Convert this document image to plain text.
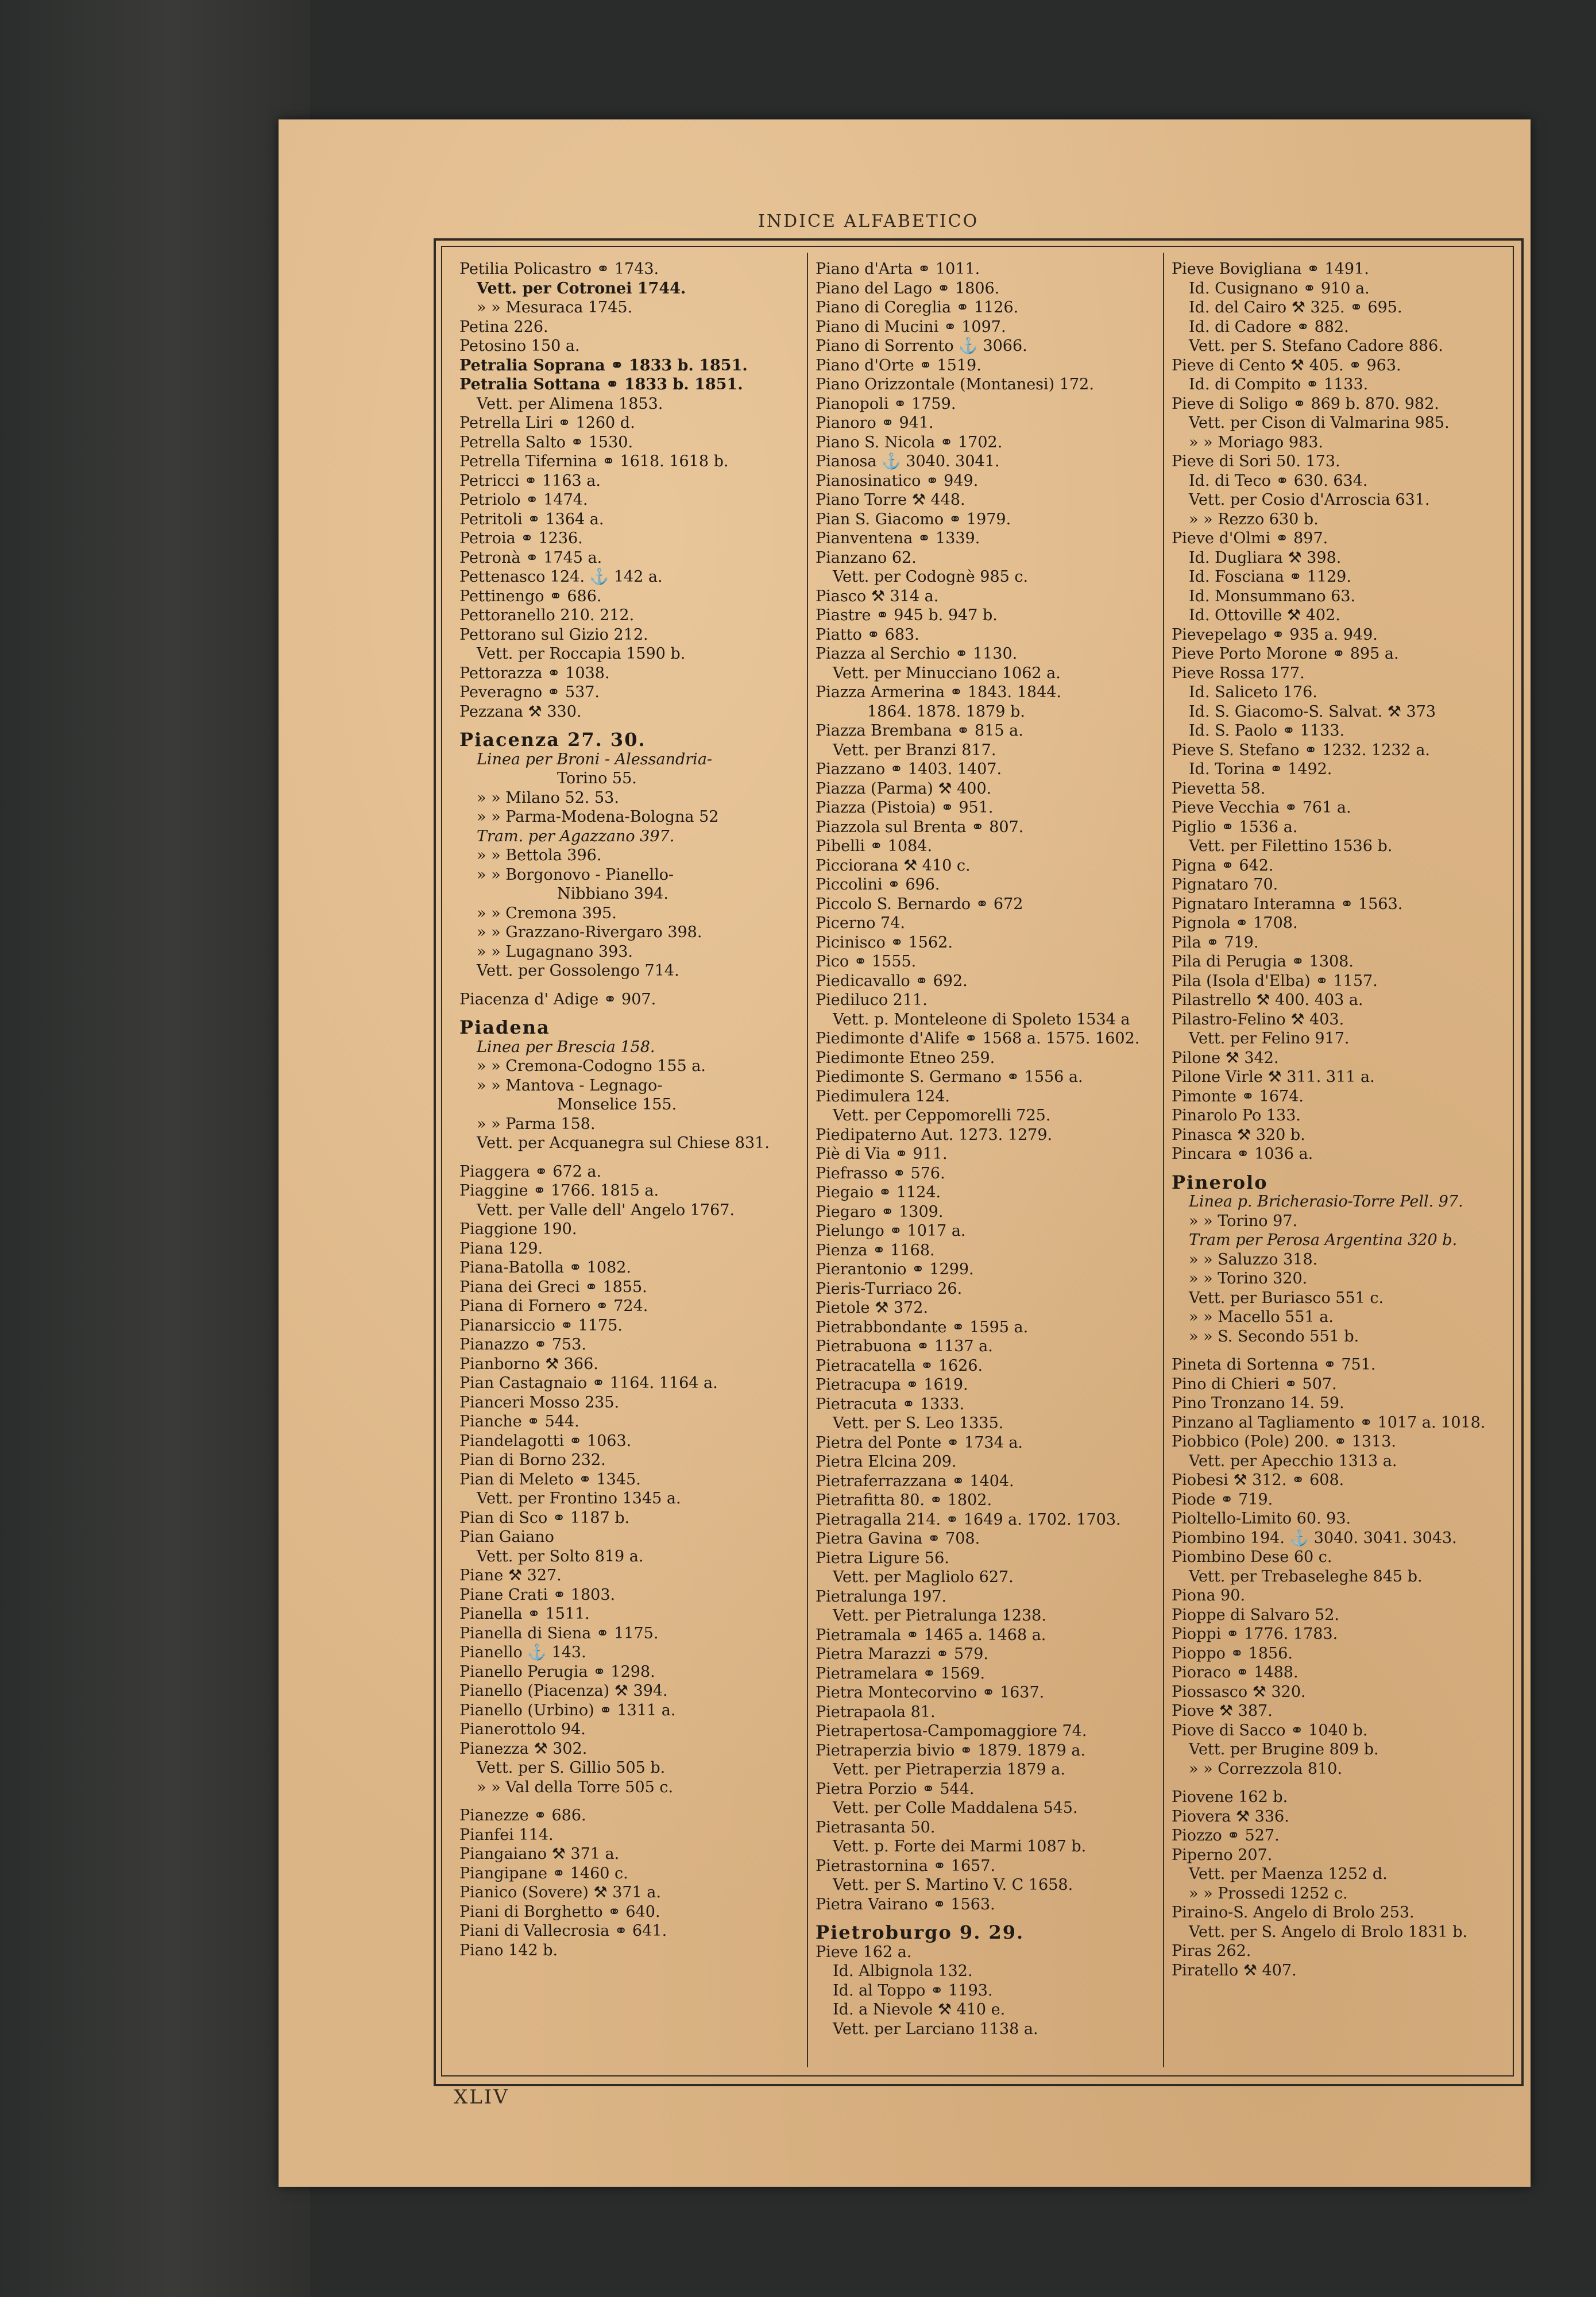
INDICE ALFABETICO
Petilia Policastro ⚭ 1743.
Vett. per Cotronei 1744.
» » Mesuraca 1745.
Petina 226.
Petosino 150 a.
Petralia Soprana ⚭ 1833 b. 1851.
Petralia Sottana ⚭ 1833 b. 1851.
Vett. per Alimena 1853.
Petrella Liri ⚭ 1260 d.
Petrella Salto ⚭ 1530.
Petrella Tifernina ⚭ 1618. 1618 b.
Petricci ⚭ 1163 a.
Petriolo ⚭ 1474.
Petritoli ⚭ 1364 a.
Petroia ⚭ 1236.
Petronà ⚭ 1745 a.
Pettenasco 124. ⚓ 142 a.
Pettinengo ⚭ 686.
Pettoranello 210. 212.
Pettorano sul Gizio 212.
Vett. per Roccapia 1590 b.
Pettorazza ⚭ 1038.
Peveragno ⚭ 537.
Pezzana ⚒ 330.
Piacenza 27. 30.
Linea per Broni - Alessandria-
Torino 55.
» » Milano 52. 53.
» » Parma-Modena-Bologna 52
Tram. per Agazzano 397.
» » Bettola 396.
» » Borgonovo - Pianello-
Nibbiano 394.
» » Cremona 395.
» » Grazzano-Rivergaro 398.
» » Lugagnano 393.
Vett. per Gossolengo 714.
Piacenza d' Adige ⚭ 907.
Piadena
Linea per Brescia 158.
» » Cremona-Codogno 155 a.
» » Mantova - Legnago-
Monselice 155.
» » Parma 158.
Vett. per Acquanegra sul Chiese 831.
Piaggera ⚭ 672 a.
Piaggine ⚭ 1766. 1815 a.
Vett. per Valle dell' Angelo 1767.
Piaggione 190.
Piana 129.
Piana-Batolla ⚭ 1082.
Piana dei Greci ⚭ 1855.
Piana di Fornero ⚭ 724.
Pianarsiccio ⚭ 1175.
Pianazzo ⚭ 753.
Pianborno ⚒ 366.
Pian Castagnaio ⚭ 1164. 1164 a.
Pianceri Mosso 235.
Pianche ⚭ 544.
Piandelagotti ⚭ 1063.
Pian di Borno 232.
Pian di Meleto ⚭ 1345.
Vett. per Frontino 1345 a.
Pian di Sco ⚭ 1187 b.
Pian Gaiano
Vett. per Solto 819 a.
Piane ⚒ 327.
Piane Crati ⚭ 1803.
Pianella ⚭ 1511.
Pianella di Siena ⚭ 1175.
Pianello ⚓ 143.
Pianello Perugia ⚭ 1298.
Pianello (Piacenza) ⚒ 394.
Pianello (Urbino) ⚭ 1311 a.
Pianerottolo 94.
Pianezza ⚒ 302.
Vett. per S. Gillio 505 b.
» » Val della Torre 505 c.
Pianezze ⚭ 686.
Pianfei 114.
Piangaiano ⚒ 371 a.
Piangipane ⚭ 1460 c.
Pianico (Sovere) ⚒ 371 a.
Piani di Borghetto ⚭ 640.
Piani di Vallecrosia ⚭ 641.
Piano 142 b.
Piano d'Arta ⚭ 1011.
Piano del Lago ⚭ 1806.
Piano di Coreglia ⚭ 1126.
Piano di Mucini ⚭ 1097.
Piano di Sorrento ⚓ 3066.
Piano d'Orte ⚭ 1519.
Piano Orizzontale (Montanesi) 172.
Pianopoli ⚭ 1759.
Pianoro ⚭ 941.
Piano S. Nicola ⚭ 1702.
Pianosa ⚓ 3040. 3041.
Pianosinatico ⚭ 949.
Piano Torre ⚒ 448.
Pian S. Giacomo ⚭ 1979.
Pianventena ⚭ 1339.
Pianzano 62.
Vett. per Codognè 985 c.
Piasco ⚒ 314 a.
Piastre ⚭ 945 b. 947 b.
Piatto ⚭ 683.
Piazza al Serchio ⚭ 1130.
Vett. per Minucciano 1062 a.
Piazza Armerina ⚭ 1843. 1844.
1864. 1878. 1879 b.
Piazza Brembana ⚭ 815 a.
Vett. per Branzi 817.
Piazzano ⚭ 1403. 1407.
Piazza (Parma) ⚒ 400.
Piazza (Pistoia) ⚭ 951.
Piazzola sul Brenta ⚭ 807.
Pibelli ⚭ 1084.
Picciorana ⚒ 410 c.
Piccolini ⚭ 696.
Piccolo S. Bernardo ⚭ 672
Picerno 74.
Picinisco ⚭ 1562.
Pico ⚭ 1555.
Piedicavallo ⚭ 692.
Piediluco 211.
Vett. p. Monteleone di Spoleto 1534 a
Piedimonte d'Alife ⚭ 1568 a. 1575. 1602.
Piedimonte Etneo 259.
Piedimonte S. Germano ⚭ 1556 a.
Piedimulera 124.
Vett. per Ceppomorelli 725.
Piedipaterno Aut. 1273. 1279.
Piè di Via ⚭ 911.
Piefrasso ⚭ 576.
Piegaio ⚭ 1124.
Piegaro ⚭ 1309.
Pielungo ⚭ 1017 a.
Pienza ⚭ 1168.
Pierantonio ⚭ 1299.
Pieris-Turriaco 26.
Pietole ⚒ 372.
Pietrabbondante ⚭ 1595 a.
Pietrabuona ⚭ 1137 a.
Pietracatella ⚭ 1626.
Pietracupa ⚭ 1619.
Pietracuta ⚭ 1333.
Vett. per S. Leo 1335.
Pietra del Ponte ⚭ 1734 a.
Pietra Elcina 209.
Pietraferrazzana ⚭ 1404.
Pietrafitta 80. ⚭ 1802.
Pietragalla 214. ⚭ 1649 a. 1702. 1703.
Pietra Gavina ⚭ 708.
Pietra Ligure 56.
Vett. per Magliolo 627.
Pietralunga 197.
Vett. per Pietralunga 1238.
Pietramala ⚭ 1465 a. 1468 a.
Pietra Marazzi ⚭ 579.
Pietramelara ⚭ 1569.
Pietra Montecorvino ⚭ 1637.
Pietrapaola 81.
Pietrapertosa-Campomaggiore 74.
Pietraperzia bivio ⚭ 1879. 1879 a.
Vett. per Pietraperzia 1879 a.
Pietra Porzio ⚭ 544.
Vett. per Colle Maddalena 545.
Pietrasanta 50.
Vett. p. Forte dei Marmi 1087 b.
Pietrastornina ⚭ 1657.
Vett. per S. Martino V. C 1658.
Pietra Vairano ⚭ 1563.
Pietroburgo 9. 29.
Pieve 162 a.
Id. Albignola 132.
Id. al Toppo ⚭ 1193.
Id. a Nievole ⚒ 410 e.
Vett. per Larciano 1138 a.
Pieve Bovigliana ⚭ 1491.
Id. Cusignano ⚭ 910 a.
Id. del Cairo ⚒ 325. ⚭ 695.
Id. di Cadore ⚭ 882.
Vett. per S. Stefano Cadore 886.
Pieve di Cento ⚒ 405. ⚭ 963.
Id. di Compito ⚭ 1133.
Pieve di Soligo ⚭ 869 b. 870. 982.
Vett. per Cison di Valmarina 985.
» » Moriago 983.
Pieve di Sori 50. 173.
Id. di Teco ⚭ 630. 634.
Vett. per Cosio d'Arroscia 631.
» » Rezzo 630 b.
Pieve d'Olmi ⚭ 897.
Id. Dugliara ⚒ 398.
Id. Fosciana ⚭ 1129.
Id. Monsummano 63.
Id. Ottoville ⚒ 402.
Pievepelago ⚭ 935 a. 949.
Pieve Porto Morone ⚭ 895 a.
Pieve Rossa 177.
Id. Saliceto 176.
Id. S. Giacomo-S. Salvat. ⚒ 373
Id. S. Paolo ⚭ 1133.
Pieve S. Stefano ⚭ 1232. 1232 a.
Id. Torina ⚭ 1492.
Pievetta 58.
Pieve Vecchia ⚭ 761 a.
Piglio ⚭ 1536 a.
Vett. per Filettino 1536 b.
Pigna ⚭ 642.
Pignataro 70.
Pignataro Interamna ⚭ 1563.
Pignola ⚭ 1708.
Pila ⚭ 719.
Pila di Perugia ⚭ 1308.
Pila (Isola d'Elba) ⚭ 1157.
Pilastrello ⚒ 400. 403 a.
Pilastro-Felino ⚒ 403.
Vett. per Felino 917.
Pilone ⚒ 342.
Pilone Virle ⚒ 311. 311 a.
Pimonte ⚭ 1674.
Pinarolo Po 133.
Pinasca ⚒ 320 b.
Pincara ⚭ 1036 a.
Pinerolo
Linea p. Bricherasio-Torre Pell. 97.
» » Torino 97.
Tram per Perosa Argentina 320 b.
» » Saluzzo 318.
» » Torino 320.
Vett. per Buriasco 551 c.
» » Macello 551 a.
» » S. Secondo 551 b.
Pineta di Sortenna ⚭ 751.
Pino di Chieri ⚭ 507.
Pino Tronzano 14. 59.
Pinzano al Tagliamento ⚭ 1017 a. 1018.
Piobbico (Pole) 200. ⚭ 1313.
Vett. per Apecchio 1313 a.
Piobesi ⚒ 312. ⚭ 608.
Piode ⚭ 719.
Pioltello-Limito 60. 93.
Piombino 194. ⚓ 3040. 3041. 3043.
Piombino Dese 60 c.
Vett. per Trebaseleghe 845 b.
Piona 90.
Pioppe di Salvaro 52.
Pioppi ⚭ 1776. 1783.
Pioppo ⚭ 1856.
Pioraco ⚭ 1488.
Piossasco ⚒ 320.
Piove ⚒ 387.
Piove di Sacco ⚭ 1040 b.
Vett. per Brugine 809 b.
» » Correzzola 810.
Piovene 162 b.
Piovera ⚒ 336.
Piozzo ⚭ 527.
Piperno 207.
Vett. per Maenza 1252 d.
» » Prossedi 1252 c.
Piraino-S. Angelo di Brolo 253.
Vett. per S. Angelo di Brolo 1831 b.
Piras 262.
Piratello ⚒ 407.
XLIV
